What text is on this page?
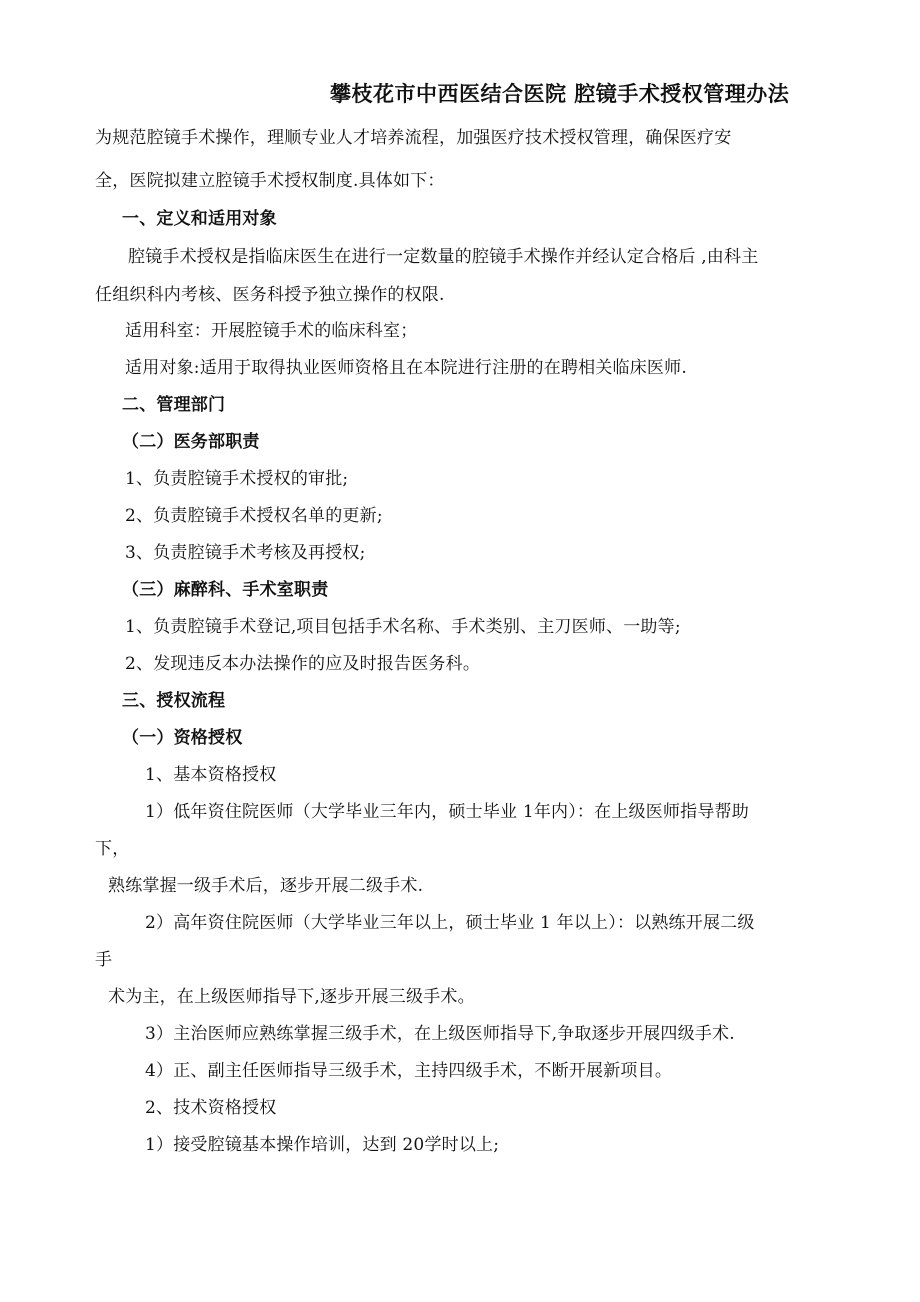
攀枝花市中西医结合医院 腔镜手术授权管理办法
为规范腔镜手术操作，理顺专业人才培养流程，加强医疗技术授权管理，确保医疗安
全，医院拟建立腔镜手术授权制度.具体如下：
一、定义和适用对象
腔镜手术授权是指临床医生在进行一定数量的腔镜手术操作并经认定合格后 ,由科主
任组织科内考核、医务科授予独立操作的权限.
适用科室：开展腔镜手术的临床科室；
适用对象:适用于取得执业医师资格且在本院进行注册的在聘相关临床医师.
二、管理部门
（二）医务部职责
1、负责腔镜手术授权的审批;
2、负责腔镜手术授权名单的更新;
3、负责腔镜手术考核及再授权;
（三）麻醉科、手术室职责
1、负责腔镜手术登记,项目包括手术名称、手术类别、主刀医师、一助等;
2、发现违反本办法操作的应及时报告医务科。
三、授权流程
（一）资格授权
1、基本资格授权
1）低年资住院医师（大学毕业三年内，硕士毕业 1年内）：在上级医师指导帮助
下，
熟练掌握一级手术后，逐步开展二级手术.
2）高年资住院医师（大学毕业三年以上，硕士毕业 1 年以上）：以熟练开展二级
手
术为主，在上级医师指导下,逐步开展三级手术。
3）主治医师应熟练掌握三级手术，在上级医师指导下,争取逐步开展四级手术.
4）正、副主任医师指导三级手术，主持四级手术，不断开展新项目。
2、技术资格授权
1）接受腔镜基本操作培训，达到 20学时以上;
